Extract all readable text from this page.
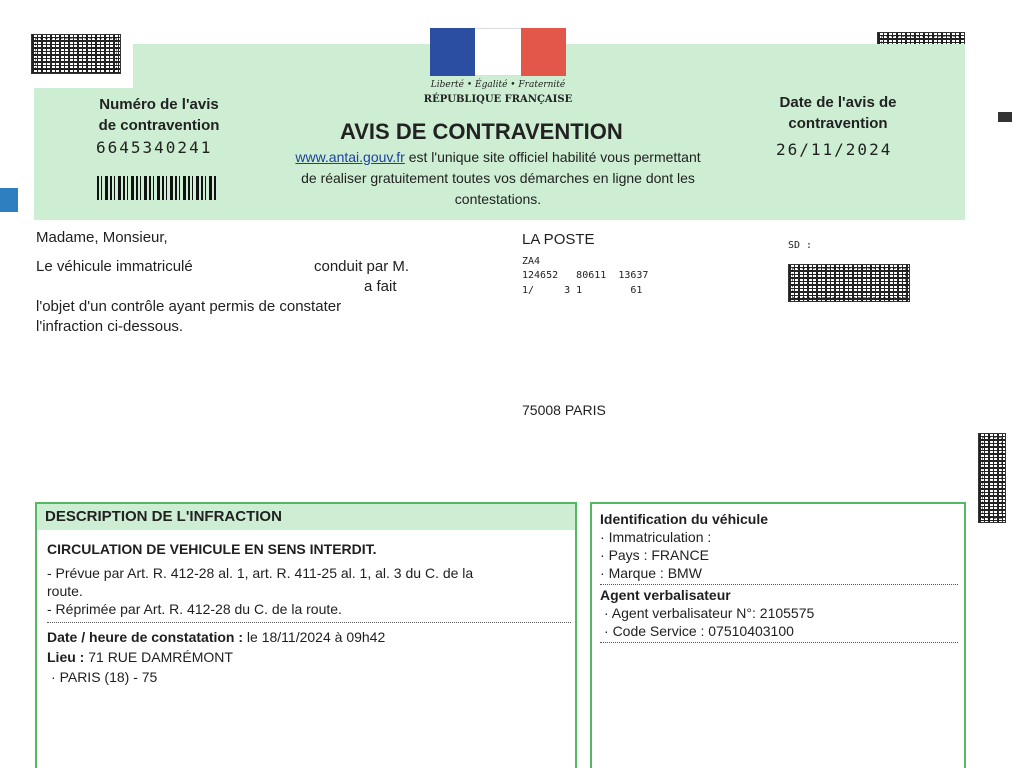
Liberté • Égalité • Fraternité
RÉPUBLIQUE FRANÇAISE
Numéro de l'avis
de contravention
6645340241
AVIS DE CONTRAVENTION
www.antai.gouv.fr est l'unique site officiel habilité vous permettant
de réaliser gratuitement toutes vos démarches en ligne dont les
contestations.
Date de l'avis de
contravention
26/11/2024
Madame, Monsieur,
Le véhicule immatriculé	conduit par M.
a fait
l'objet d'un contrôle ayant permis de constater
l'infraction ci-dessous.
LA POSTE
ZA4
124652   80611  13637
1/     3 1        61
SD :
75008 PARIS
DESCRIPTION DE L'INFRACTION
CIRCULATION DE VEHICULE EN SENS INTERDIT.
- Prévue par Art. R. 412-28 al. 1, art. R. 411-25 al. 1, al. 3 du C. de la
route.
- Réprimée par Art. R. 412-28 du C. de la route.
Date / heure de constatation : le 18/11/2024 à 09h42
Lieu : 71 RUE DAMRÉMONT
· PARIS (18) - 75
Identification du véhicule
· Immatriculation :
· Pays : FRANCE
· Marque : BMW
Agent verbalisateur
· Agent verbalisateur N°: 2105575
· Code Service : 07510403100
